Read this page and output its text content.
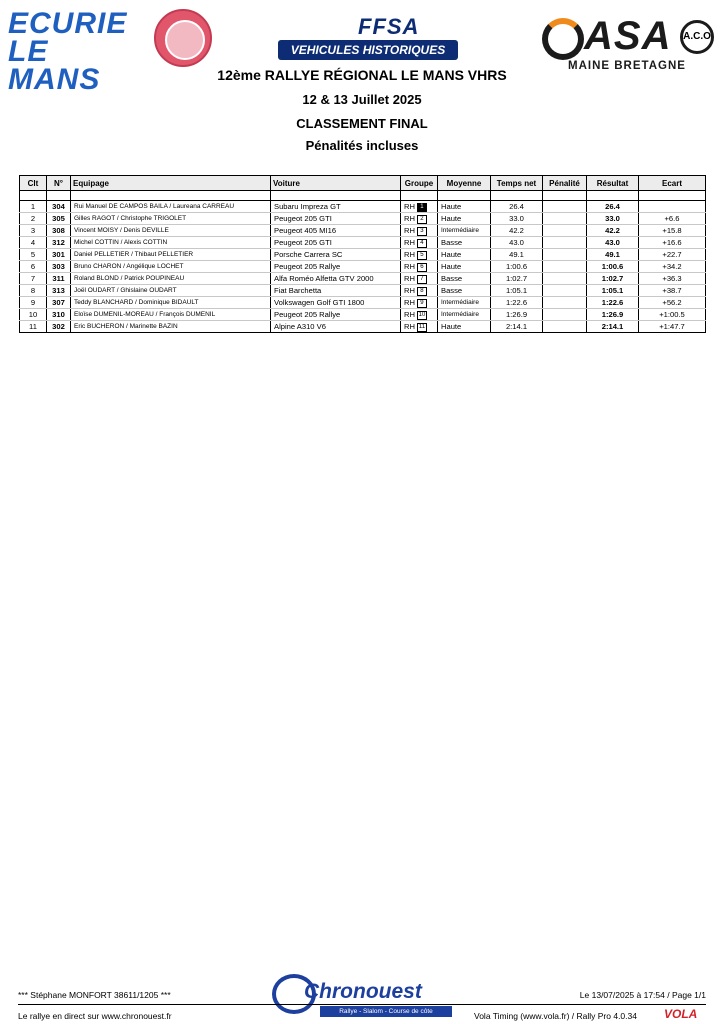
ECURIE
LE MANS
FFSA
VEHICULES HISTORIQUES	ASA	A.C.O
MAINE BRETAGNE
12ème RALLYE RÉGIONAL LE MANS VHRS
12 & 13 Juillet 2025
CLASSEMENT FINAL
Pénalités incluses
Clt	N°	Equipage	Voiture	Groupe	Moyenne	Temps net	Pénalité	Résultat	Ecart

1	304	Rui Manuel DE CAMPOS BAILA / Laureana CARREAU	Subaru Impreza GT	RH 1	Haute	26.4		26.4	
2	305	Gilles RAGOT / Christophe TRIGOLET	Peugeot 205 GTI	RH 2	Haute	33.0		33.0	+6.6
3	308	Vincent MOISY / Denis DEVILLE	Peugeot 405 MI16	RH 3	Intermédiaire	42.2		42.2	+15.8
4	312	Michel COTTIN / Alexis COTTIN	Peugeot 205 GTI	RH 4	Basse	43.0		43.0	+16.6
5	301	Daniel PELLETIER / Thibaut PELLETIER	Porsche Carrera SC	RH 5	Haute	49.1		49.1	+22.7
6	303	Bruno CHARON / Angélique LOCHET	Peugeot 205 Rallye	RH 6	Haute	1:00.6		1:00.6	+34.2
7	311	Roland BLOND / Patrick POUPINEAU	Alfa Roméo Alfetta GTV 2000	RH 7	Basse	1:02.7		1:02.7	+36.3
8	313	Joël OUDART / Ghislaine OUDART	Fiat Barchetta	RH 8	Basse	1:05.1		1:05.1	+38.7
9	307	Teddy BLANCHARD / Dominique BIDAULT	Volkswagen Golf GTI 1800	RH 9	Intermédiaire	1:22.6		1:22.6	+56.2
10	310	Eloïse DUMENIL-MOREAU / François DUMENIL	Peugeot 205 Rallye	RH 10	Intermédiaire	1:26.9		1:26.9	+1:00.5
11	302	Eric BUCHERON / Marinette BAZIN	Alpine A310 V6	RH 11	Haute	2:14.1		2:14.1	+1:47.7
*** Stéphane MONFORT 38611/1205 ***	Chronouest
Rallye - Slalom - Course de côte
Le 13/07/2025 à 17:54 / Page 1/1
Le rallye en direct sur www.chronouest.fr	Vola Timing (www.vola.fr) / Rally Pro 4.0.34 VOLA
